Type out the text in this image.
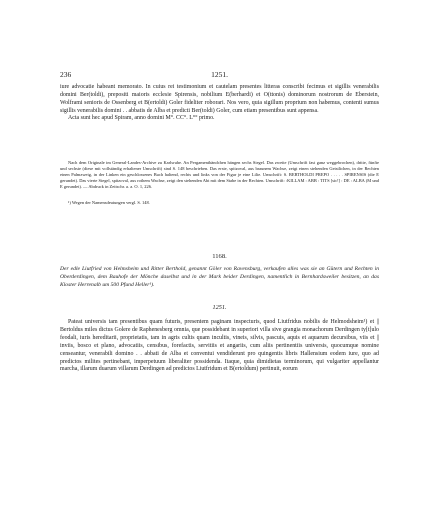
236	1251.

iure advocatie habeant memorato. In cuius rei testimonium et cautelam presentes litteras conscribi fecimus et sigillis venerabilis domini Ber(toldi), prepositi maioris ecclesie Spirensis, nobilium E(berhardi) et O(ttonis) dominorum nostrorum de Eberstein, Wolframi senioris de Ossenberg et B(ertoldi) Goler fideliter roborari. Nos vero, quia sigillum proprium non habemus, contenti sumus sigillis venerabilis domini . . abbatis de Alba et predicti Ber(toldi) Goler, cum etiam presentibus sunt appensa.

Acta sunt hec apud Spiram, anno domini M°. CC°. L°° primo.

Nach dem Originale im General-Landes-Archive zu Karlsruhe. An Pergamentbändchen hängen sechs Siegel. Das zweite (Umschrift fast ganz weggebrochen), dritte, fünfte und sechste (diese mit vollständig erhaltener Umschrift) sind S. 148 beschrieben. Das erste, spitzoval, aus braunem Wachse, zeigt einen stehenden Geistlichen, in der Rechten einen Palmzweig, in der Linken ein geschlossenes Buch haltend, rechts und links von der Figur je eine Lilie. Umschrift: S. BERTHOLDI PREPO . . . . . SPIRENSIS (die E gerundet). Das vierte Siegel, spitzoval, aus rothem Wachse, zeigt den stehenden Abt mit dem Stabe in der Rechten. Umschrift: :KILLAM : ABB : TITS [sic!] : DE : ALBA (M und E gerundet). — Abdruck in Zeitschr. a. a. O. 1, 226.

¹) Wegen der Namensdeutungen vergl. S. 148.

1168.

Der edle Liutfried von Helmsheim und Ritter Berthold, genannt Göler von Ravensburg, verkaufen alles was sie an Gütern und Rechten in Oberderdingen, dem Bauhofe der Mönche daselbst und in der Mark beider Derdingen, namentlich in Bernhardsweiler besitzen, an das Kloster Herrenalb um 500 Pfund Heller¹).

1251.

Pateat universis tam presentibus quam futuris, presentem paginam inspecturis, quod Liutfridus nobilis de Helmodsheim¹) et || Bertoldus miles dictus Golere de Raphenesberg omnia, que possidebant in superiori villa sive grangia monachorum Derdingen ty[t]ulo feodali, iuris hereditarii, proprietatis, tam in agris cultis quam incultis, vineis, silvis, pascuis, aquis et aquarum decursibus, viis et || inviis, bosco et plano, advocatiis, censibus, forefactis, servitiis et angariis, cum aliis pertinentiis universis, quocumque nomine censeantur, venerabili domino . . abbati de Alba et conventui vendiderunt pro quingentis libris Hallensium eodem iure, quo ad predictos milites pertinebant, imperpetuum liberaliter possidenda. Itaque, quia dimidietas terminorum, qui vulgariter appellantur marcha, illarum duarum villarum Derdingen ad predictos Liutfridum et B(ertoldum) pertinuit, eorum
